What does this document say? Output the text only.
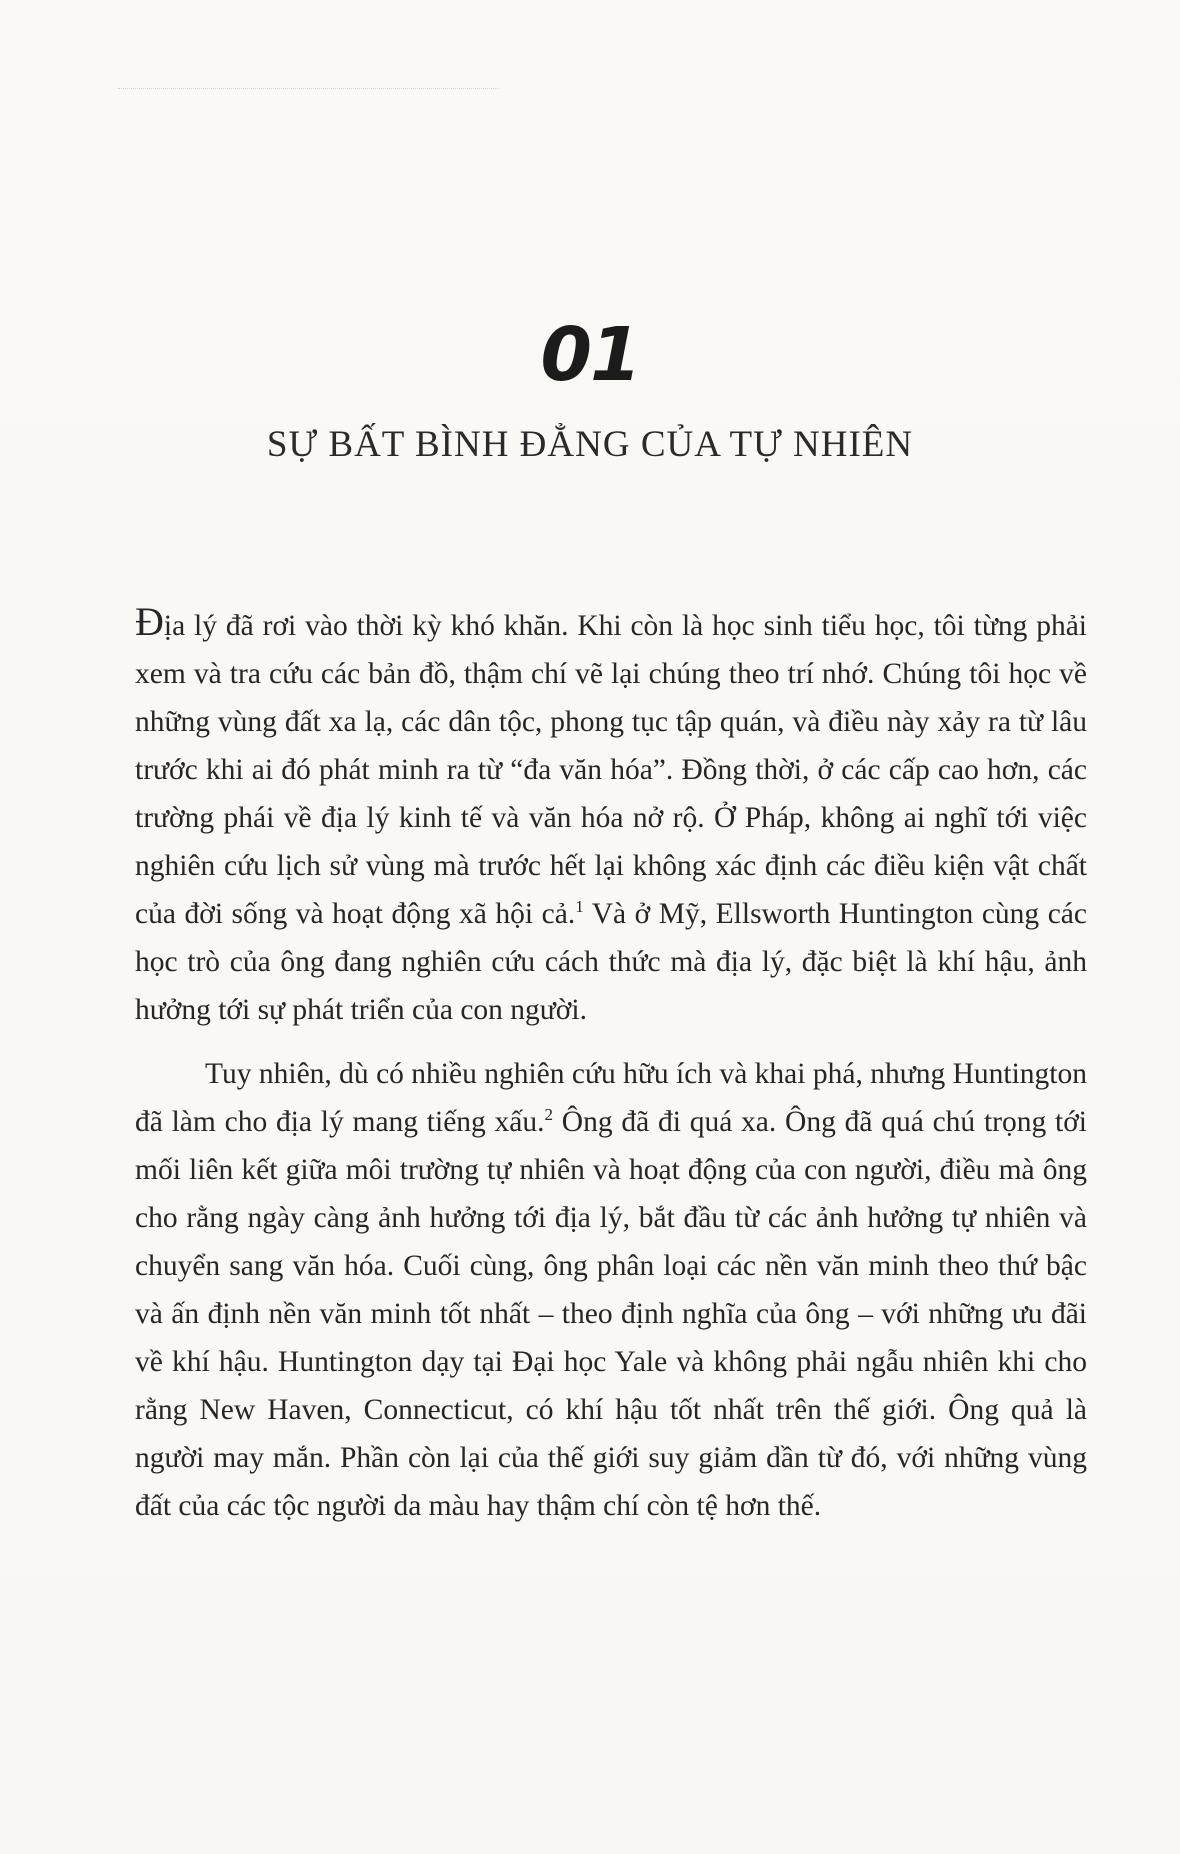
01
SỰ BẤT BÌNH ĐẲNG CỦA TỰ NHIÊN

Địa lý đã rơi vào thời kỳ khó khăn. Khi còn là học sinh tiểu học, tôi từng phải xem và tra cứu các bản đồ, thậm chí vẽ lại chúng theo trí nhớ. Chúng tôi học về những vùng đất xa lạ, các dân tộc, phong tục tập quán, và điều này xảy ra từ lâu trước khi ai đó phát minh ra từ “đa văn hóa”. Đồng thời, ở các cấp cao hơn, các trường phái về địa lý kinh tế và văn hóa nở rộ. Ở Pháp, không ai nghĩ tới việc nghiên cứu lịch sử vùng mà trước hết lại không xác định các điều kiện vật chất của đời sống và hoạt động xã hội cả.$^1$ Và ở Mỹ, Ellsworth Huntington cùng các học trò của ông đang nghiên cứu cách thức mà địa lý, đặc biệt là khí hậu, ảnh hưởng tới sự phát triển của con người.

Tuy nhiên, dù có nhiều nghiên cứu hữu ích và khai phá, nhưng Huntington đã làm cho địa lý mang tiếng xấu.$^2$ Ông đã đi quá xa. Ông đã quá chú trọng tới mối liên kết giữa môi trường tự nhiên và hoạt động của con người, điều mà ông cho rằng ngày càng ảnh hưởng tới địa lý, bắt đầu từ các ảnh hưởng tự nhiên và chuyển sang văn hóa. Cuối cùng, ông phân loại các nền văn minh theo thứ bậc và ấn định nền văn minh tốt nhất – theo định nghĩa của ông – với những ưu đãi về khí hậu. Huntington dạy tại Đại học Yale và không phải ngẫu nhiên khi cho rằng New Haven, Connecticut, có khí hậu tốt nhất trên thế giới. Ông quả là người may mắn. Phần còn lại của thế giới suy giảm dần từ đó, với những vùng đất của các tộc người da màu hay thậm chí còn tệ hơn thế.
